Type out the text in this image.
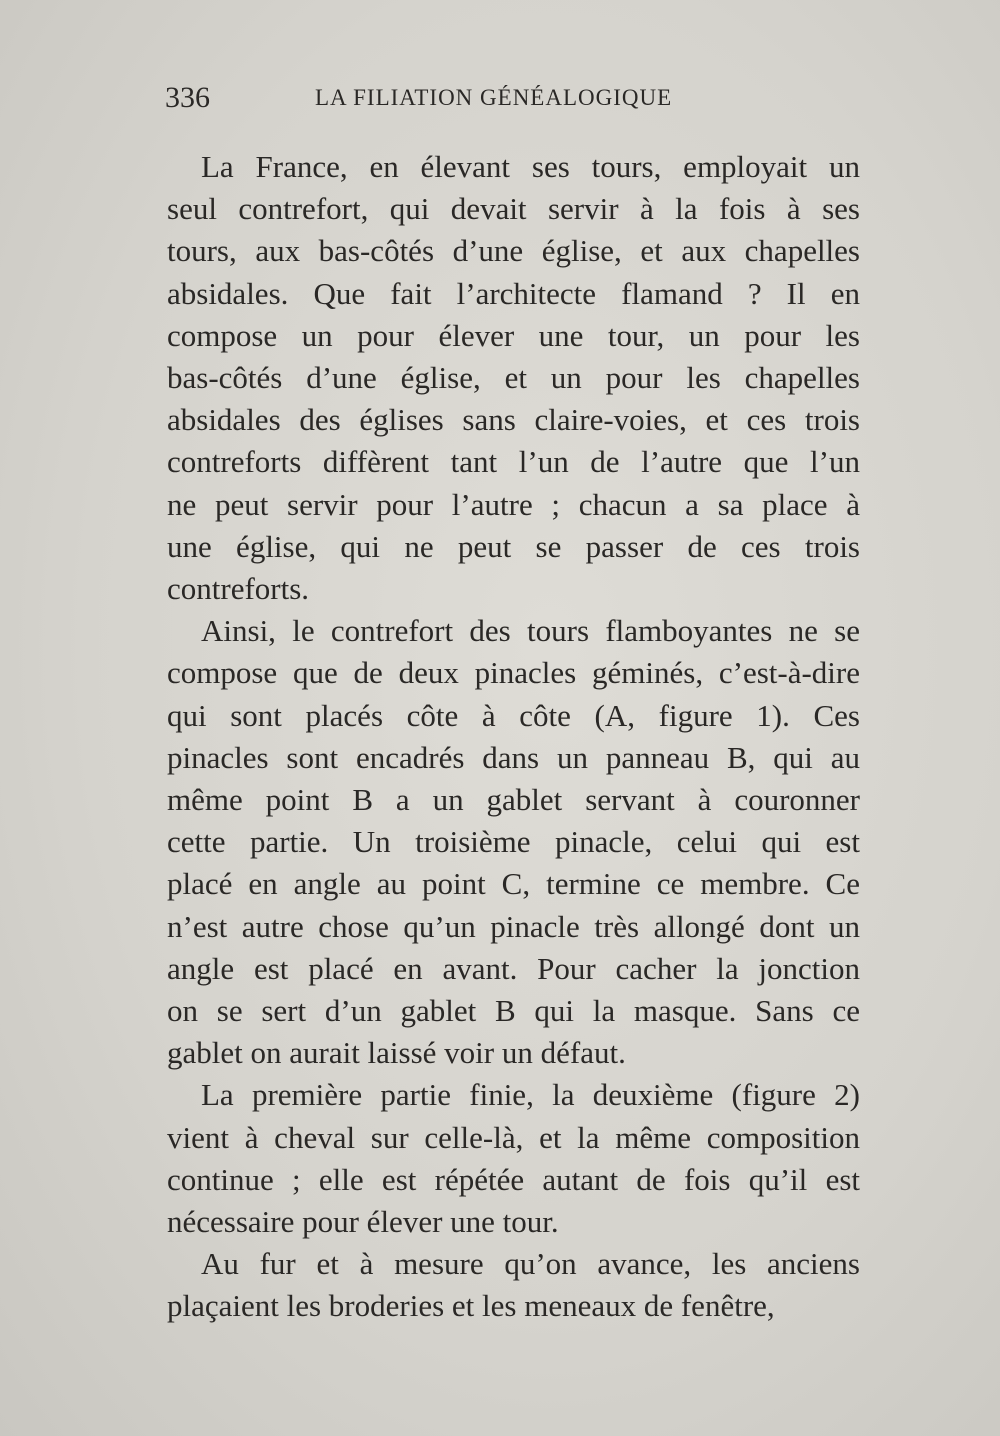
336	LA FILIATION GÉNÉALOGIQUE
La France, en élevant ses tours, employait un
seul contrefort, qui devait servir à la fois à ses
tours, aux bas-côtés d’une église, et aux chapelles
absidales. Que fait l’architecte flamand ? Il en
compose un pour élever une tour, un pour les
bas-côtés d’une église, et un pour les chapelles
absidales des églises sans claire-voies, et ces trois
contreforts diffèrent tant l’un de l’autre que l’un
ne peut servir pour l’autre ; chacun a sa place à
une église, qui ne peut se passer de ces trois
contreforts.
Ainsi, le contrefort des tours flamboyantes ne se
compose que de deux pinacles géminés, c’est-à-dire
qui sont placés côte à côte (A, figure 1). Ces
pinacles sont encadrés dans un panneau B, qui au
même point B a un gablet servant à couronner
cette partie. Un troisième pinacle, celui qui est
placé en angle au point C, termine ce membre. Ce
n’est autre chose qu’un pinacle très allongé dont un
angle est placé en avant. Pour cacher la jonction
on se sert d’un gablet B qui la masque. Sans ce
gablet on aurait laissé voir un défaut.
La première partie finie, la deuxième (figure 2)
vient à cheval sur celle-là, et la même composition
continue ; elle est répétée autant de fois qu’il est
nécessaire pour élever une tour.
Au fur et à mesure qu’on avance, les anciens
plaçaient les broderies et les meneaux de fenêtre,
